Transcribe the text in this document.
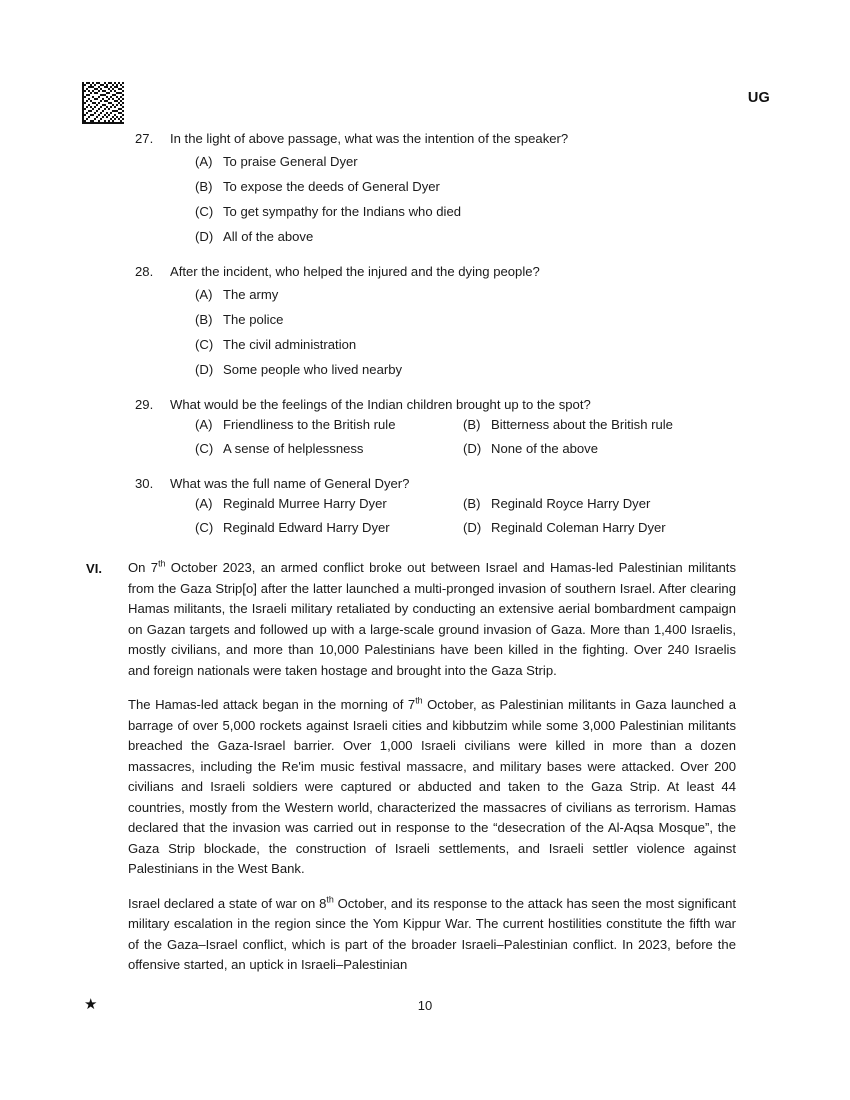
UG
27.	In the light of above passage, what was the intention of the speaker?
(A) To praise General Dyer
(B) To expose the deeds of General Dyer
(C) To get sympathy for the Indians who died
(D) All of the above
28.	After the incident, who helped the injured and the dying people?
(A) The army
(B) The police
(C) The civil administration
(D) Some people who lived nearby
29.	What would be the feelings of the Indian children brought up to the spot?
(A) Friendliness to the British rule	(B) Bitterness about the British rule
(C) A sense of helplessness	(D) None of the above
30.	What was the full name of General Dyer?
(A) Reginald Murree Harry Dyer	(B) Reginald Royce Harry Dyer
(C) Reginald Edward Harry Dyer	(D) Reginald Coleman Harry Dyer
VI. On 7th October 2023, an armed conflict broke out between Israel and Hamas-led Palestinian militants from the Gaza Strip[o] after the latter launched a multi-pronged invasion of southern Israel. After clearing Hamas militants, the Israeli military retaliated by conducting an extensive aerial bombardment campaign on Gazan targets and followed up with a large-scale ground invasion of Gaza. More than 1,400 Israelis, mostly civilians, and more than 10,000 Palestinians have been killed in the fighting. Over 240 Israelis and foreign nationals were taken hostage and brought into the Gaza Strip.

The Hamas-led attack began in the morning of 7th October, as Palestinian militants in Gaza launched a barrage of over 5,000 rockets against Israeli cities and kibbutzim while some 3,000 Palestinian militants breached the Gaza-Israel barrier. Over 1,000 Israeli civilians were killed in more than a dozen massacres, including the Re'im music festival massacre, and military bases were attacked. Over 200 civilians and Israeli soldiers were captured or abducted and taken to the Gaza Strip. At least 44 countries, mostly from the Western world, characterized the massacres of civilians as terrorism. Hamas declared that the invasion was carried out in response to the “desecration of the Al-Aqsa Mosque”, the Gaza Strip blockade, the construction of Israeli settlements, and Israeli settler violence against Palestinians in the West Bank.

Israel declared a state of war on 8th October, and its response to the attack has seen the most significant military escalation in the region since the Yom Kippur War. The current hostilities constitute the fifth war of the Gaza–Israel conflict, which is part of the broader Israeli–Palestinian conflict. In 2023, before the offensive started, an uptick in Israeli–Palestinian

★	10
